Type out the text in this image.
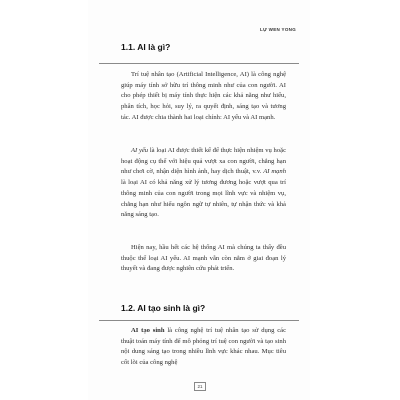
LỰ WEN YONG
1.1. AI là gì?

Trí tuệ nhân tạo (Artificial Intelligence, AI) là công nghệ giúp máy tính sở hữu trí thông minh như của con người. AI cho phép thiết bị máy tính thực hiện các khả năng như hiểu, phân tích, học hỏi, suy lý, ra quyết định, sáng tạo và tương tác. AI được chia thành hai loại chính: AI yếu và AI mạnh.

AI yếu là loại AI được thiết kế để thực hiện nhiệm vụ hoặc hoạt động cụ thể với hiệu quả vượt xa con người, chẳng hạn như chơi cờ, nhận diện hình ảnh, hay dịch thuật, v.v. AI mạnh là loại AI có khả năng xử lý tương đương hoặc vượt qua trí thông minh của con người trong mọi lĩnh vực và nhiệm vụ, chẳng hạn như hiểu ngôn ngữ tự nhiên, tự nhận thức và khả năng sáng tạo.

Hiện nay, hầu hết các hệ thống AI mà chúng ta thấy đều thuộc thể loại AI yếu. AI mạnh vẫn còn nằm ở giai đoạn lý thuyết và đang được nghiên cứu phát triển.

1.2. AI tạo sinh là gì?

AI tạo sinh là công nghệ trí tuệ nhân tạo sử dụng các thuật toán máy tính để mô phỏng trí tuệ con người và tạo sinh nội dung sáng tạo trong nhiều lĩnh vực khác nhau. Mục tiêu cốt lõi của công nghệ

21
